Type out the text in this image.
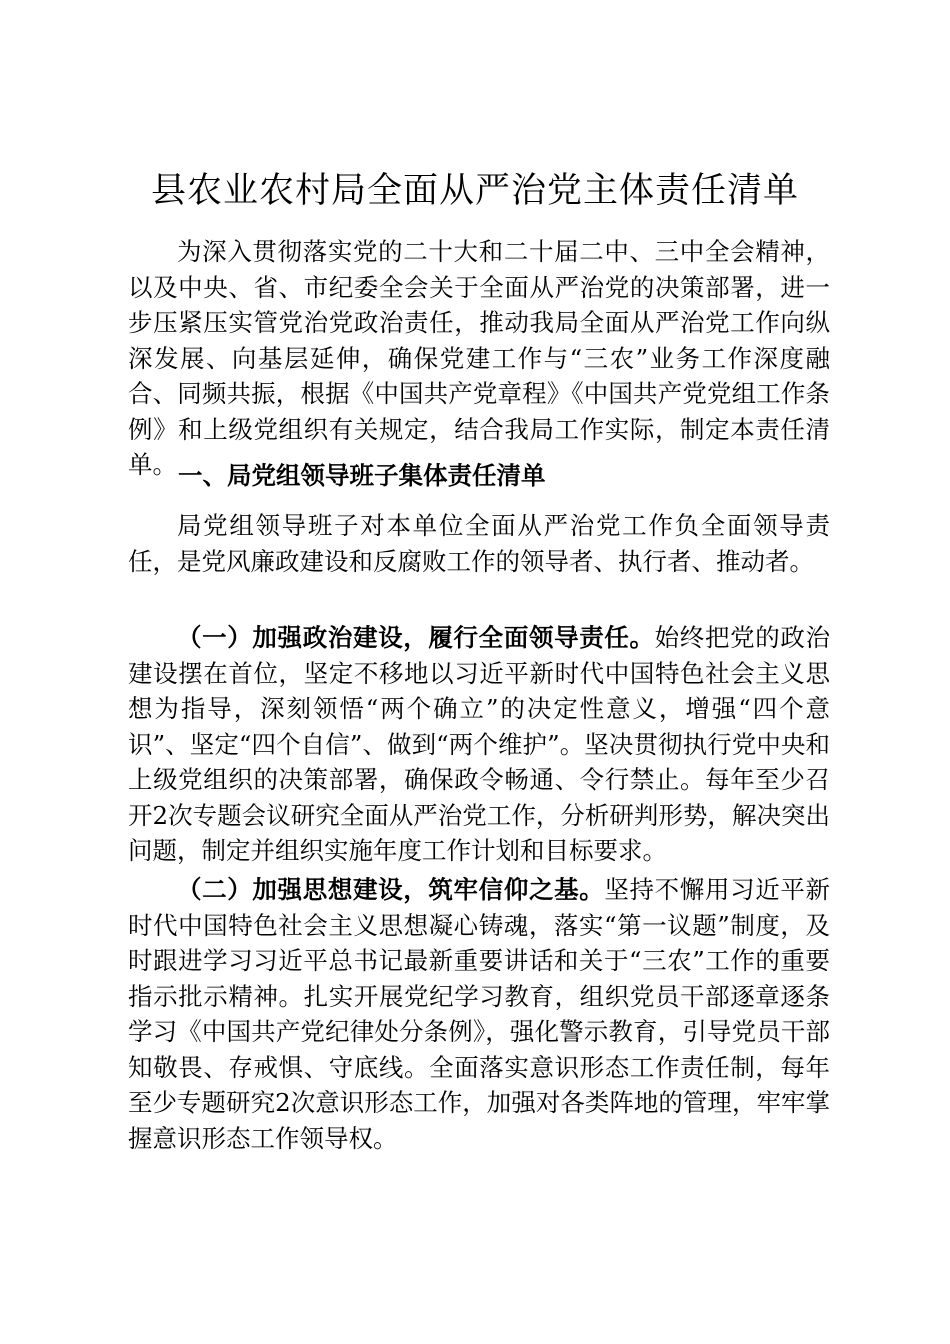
县农业农村局全面从严治党主体责任清单

为深入贯彻落实党的二十大和二十届二中、三中全会精神，以及中央、省、市纪委全会关于全面从严治党的决策部署，进一步压紧压实管党治党政治责任，推动我局全面从严治党工作向纵深发展、向基层延伸，确保党建工作与“三农”业务工作深度融合、同频共振，根据《中国共产党章程》《中国共产党党组工作条例》和上级党组织有关规定，结合我局工作实际，制定本责任清单。 一、局党组领导班子集体责任清单

局党组领导班子对本单位全面从严治党工作负全面领导责任，是党风廉政建设和反腐败工作的领导者、执行者、推动者。

（一）加强政治建设，履行全面领导责任。始终把党的政治建设摆在首位，坚定不移地以习近平新时代中国特色社会主义思想为指导，深刻领悟“两个确立”的决定性意义，增强“四个意识”、坚定“四个自信”、做到“两个维护”。坚决贯彻执行党中央和上级党组织的决策部署，确保政令畅通、令行禁止。每年至少召开2次专题会议研究全面从严治党工作，分析研判形势，解决突出问题，制定并组织实施年度工作计划和目标要求。

（二）加强思想建设，筑牢信仰之基。坚持不懈用习近平新时代中国特色社会主义思想凝心铸魂，落实“第一议题”制度，及时跟进学习习近平总书记最新重要讲话和关于“三农”工作的重要指示批示精神。扎实开展党纪学习教育，组织党员干部逐章逐条学习《中国共产党纪律处分条例》，强化警示教育，引导党员干部知敬畏、存戒惧、守底线。全面落实意识形态工作责任制，每年至少专题研究2次意识形态工作，加强对各类阵地的管理，牢牢掌握意识形态工作领导权。
